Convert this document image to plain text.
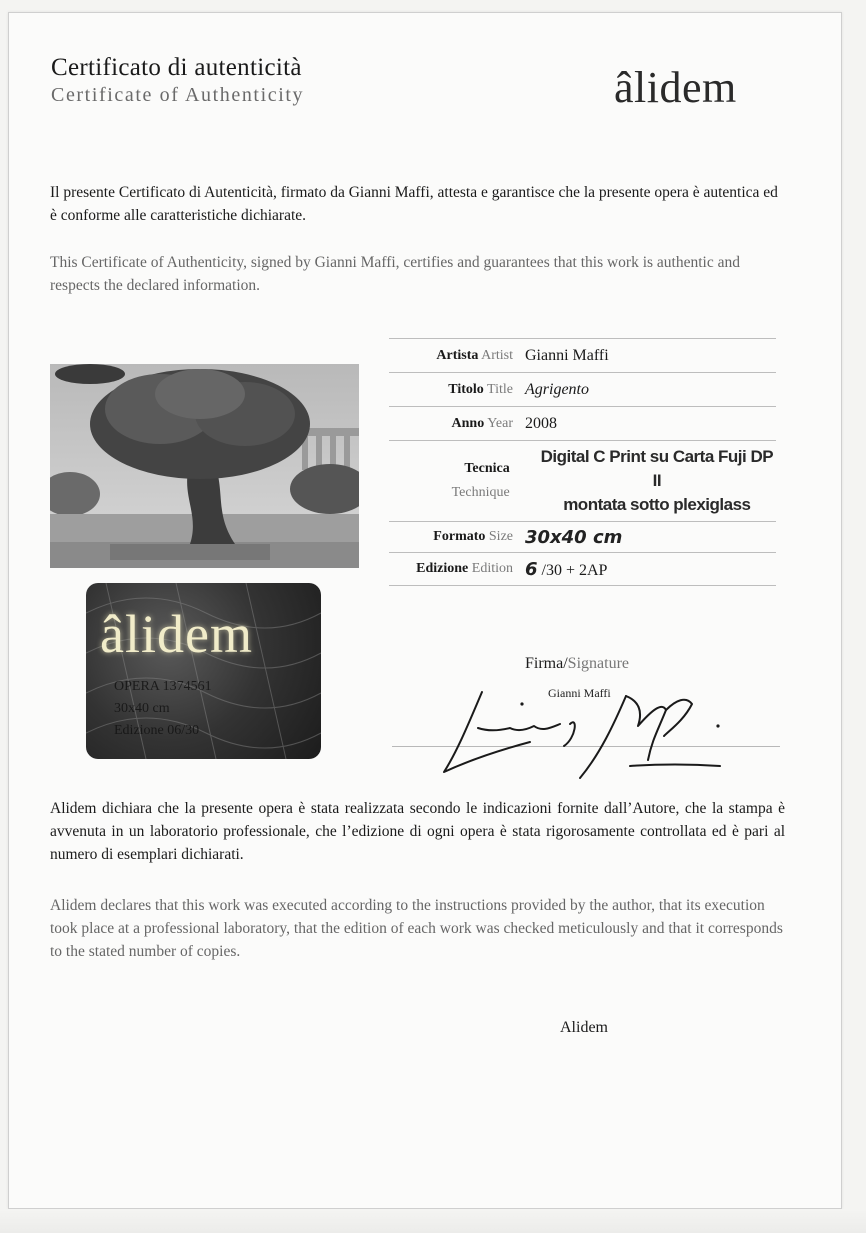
Certificato di autenticità
Certificate of Authenticity	âlidem
Il presente Certificato di Autenticità, firmato da Gianni Maffi, attesta e garantisce che la presente opera è autentica ed è conforme alle caratteristiche dichiarate.
This Certificate of Authenticity, signed by Gianni Maffi, certifies and guarantees that this work is authentic and respects the declared information.
âlidem
OPERA 1374561
30x40 cm
Edizione 06/30
Artista Artist Gianni Maffi
Titolo Title Agrigento
Anno Year 2008
Tecnica
Technique
Digital C Print su Carta Fuji DP II
montata sotto plexiglass
Formato Size 30x40 cm
Edizione Edition 6 /30 + 2AP
Firma/Signature
Gianni Maffi
Alidem dichiara che la presente opera è stata realizzata secondo le indicazioni fornite dall’Autore, che la stampa è avvenuta in un laboratorio professionale, che l’edizione di ogni opera è stata rigorosamente controllata ed è pari al numero di esemplari dichiarati.
Alidem declares that this work was executed according to the instructions provided by the author, that its execution took place at a professional laboratory, that the edition of each work was checked meticulously and that it corresponds to the stated number of copies.
Alidem
